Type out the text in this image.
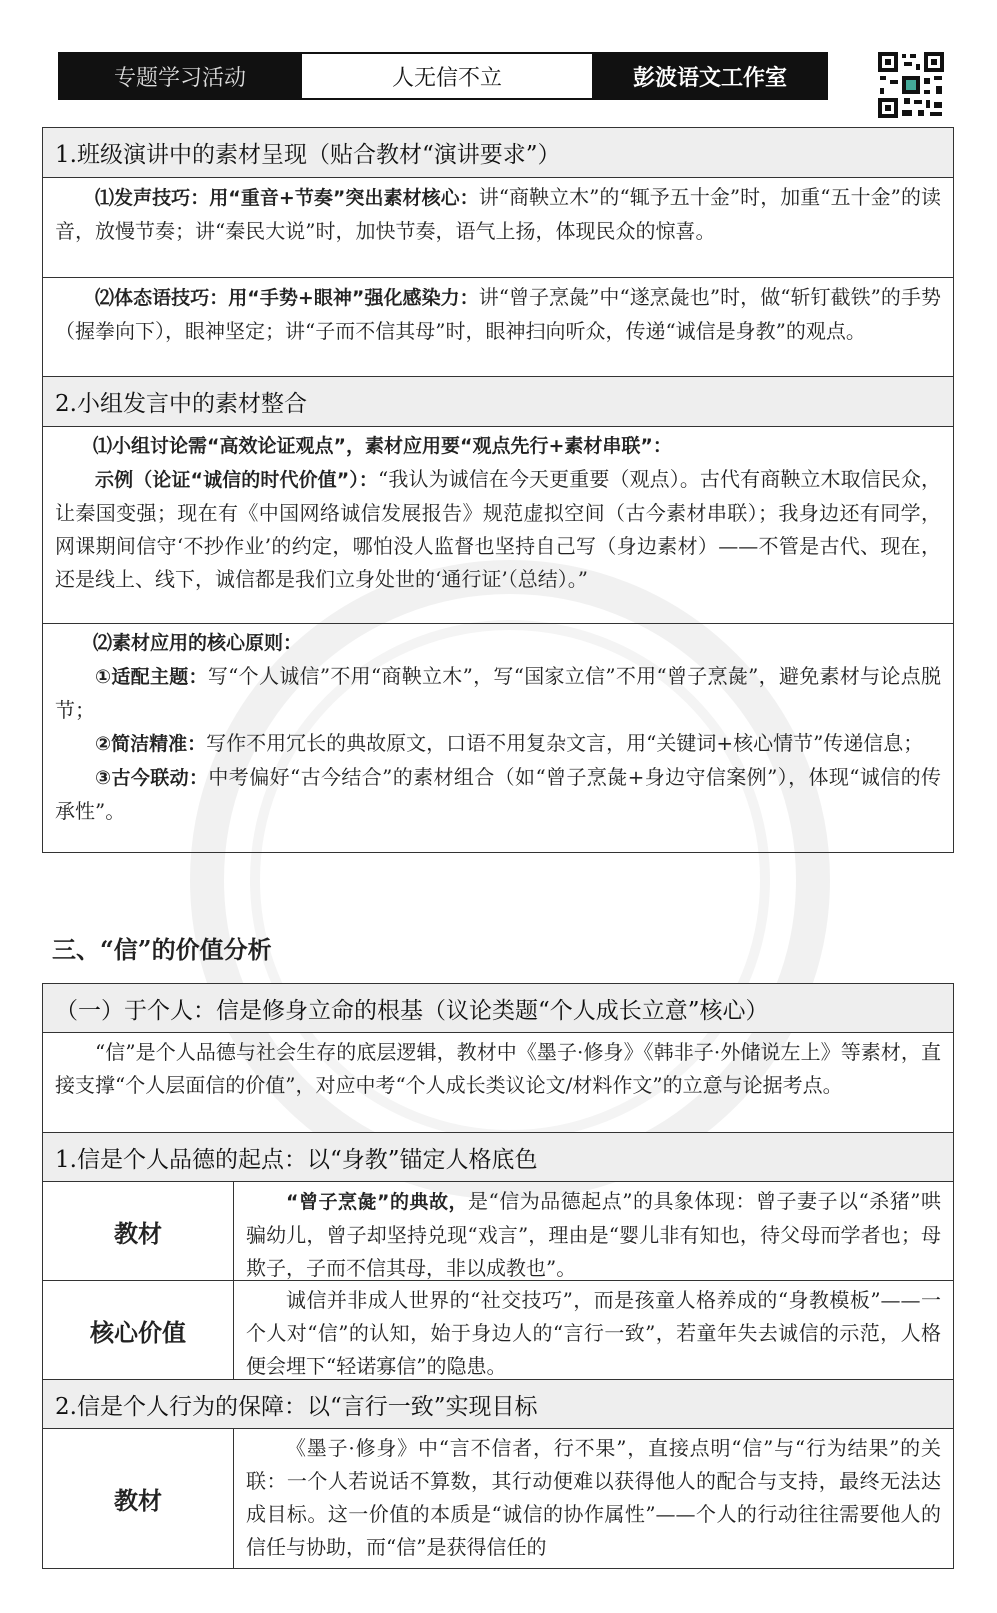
专题学习活动	人无信不立	彭波语文工作室
1.班级演讲中的素材呈现（贴合教材“演讲要求”）
⑴发声技巧：用“重音+节奏”突出素材核心：讲“商鞅立木”的“辄予五十金”时，加重“五十金”的读音，放慢节奏；讲“秦民大说”时，加快节奏，语气上扬，体现民众的惊喜。
⑵体态语技巧：用“手势+眼神”强化感染力：讲“曾子烹彘”中“遂烹彘也”时，做“斩钉截铁”的手势（握拳向下），眼神坚定；讲“子而不信其母”时，眼神扫向听众，传递“诚信是身教”的观点。
2.小组发言中的素材整合
⑴小组讨论需“高效论证观点”，素材应用要“观点先行+素材串联”：
示例（论证“诚信的时代价值”）：“我认为诚信在今天更重要（观点）。古代有商鞅立木取信民众，让秦国变强；现在有《中国网络诚信发展报告》规范虚拟空间（古今素材串联）；我身边还有同学，网课期间信守‘不抄作业’的约定，哪怕没人监督也坚持自己写（身边素材）——不管是古代、现在，还是线上、线下，诚信都是我们立身处世的‘通行证’（总结）。”
⑵素材应用的核心原则：
①适配主题：写“个人诚信”不用“商鞅立木”，写“国家立信”不用“曾子烹彘”，避免素材与论点脱节；
②简洁精准：写作不用冗长的典故原文，口语不用复杂文言，用“关键词+核心情节”传递信息；
③古今联动：中考偏好“古今结合”的素材组合（如“曾子烹彘+身边守信案例”），体现“诚信的传承性”。
三、“信”的价值分析
（一）于个人：信是修身立命的根基（议论类题“个人成长立意”核心）
“信”是个人品德与社会生存的底层逻辑，教材中《墨子·修身》《韩非子·外储说左上》等素材，直接支撑“个人层面信的价值”，对应中考“个人成长类议论文/材料作文”的立意与论据考点。
1.信是个人品德的起点：以“身教”锚定人格底色
教材
“曾子烹彘”的典故，是“信为品德起点”的具象体现：曾子妻子以“杀猪”哄骗幼儿，曾子却坚持兑现“戏言”，理由是“婴儿非有知也，待父母而学者也；母欺子，子而不信其母，非以成教也”。
核心价值
诚信并非成人世界的“社交技巧”，而是孩童人格养成的“身教模板”——一个人对“信”的认知，始于身边人的“言行一致”，若童年失去诚信的示范，人格便会埋下“轻诺寡信”的隐患。
2.信是个人行为的保障：以“言行一致”实现目标
教材
《墨子·修身》中“言不信者，行不果”，直接点明“信”与“行为结果”的关联：一个人若说话不算数，其行动便难以获得他人的配合与支持，最终无法达成目标。这一价值的本质是“诚信的协作属性”——个人的行动往往需要他人的信任与协助，而“信”是获得信任的
